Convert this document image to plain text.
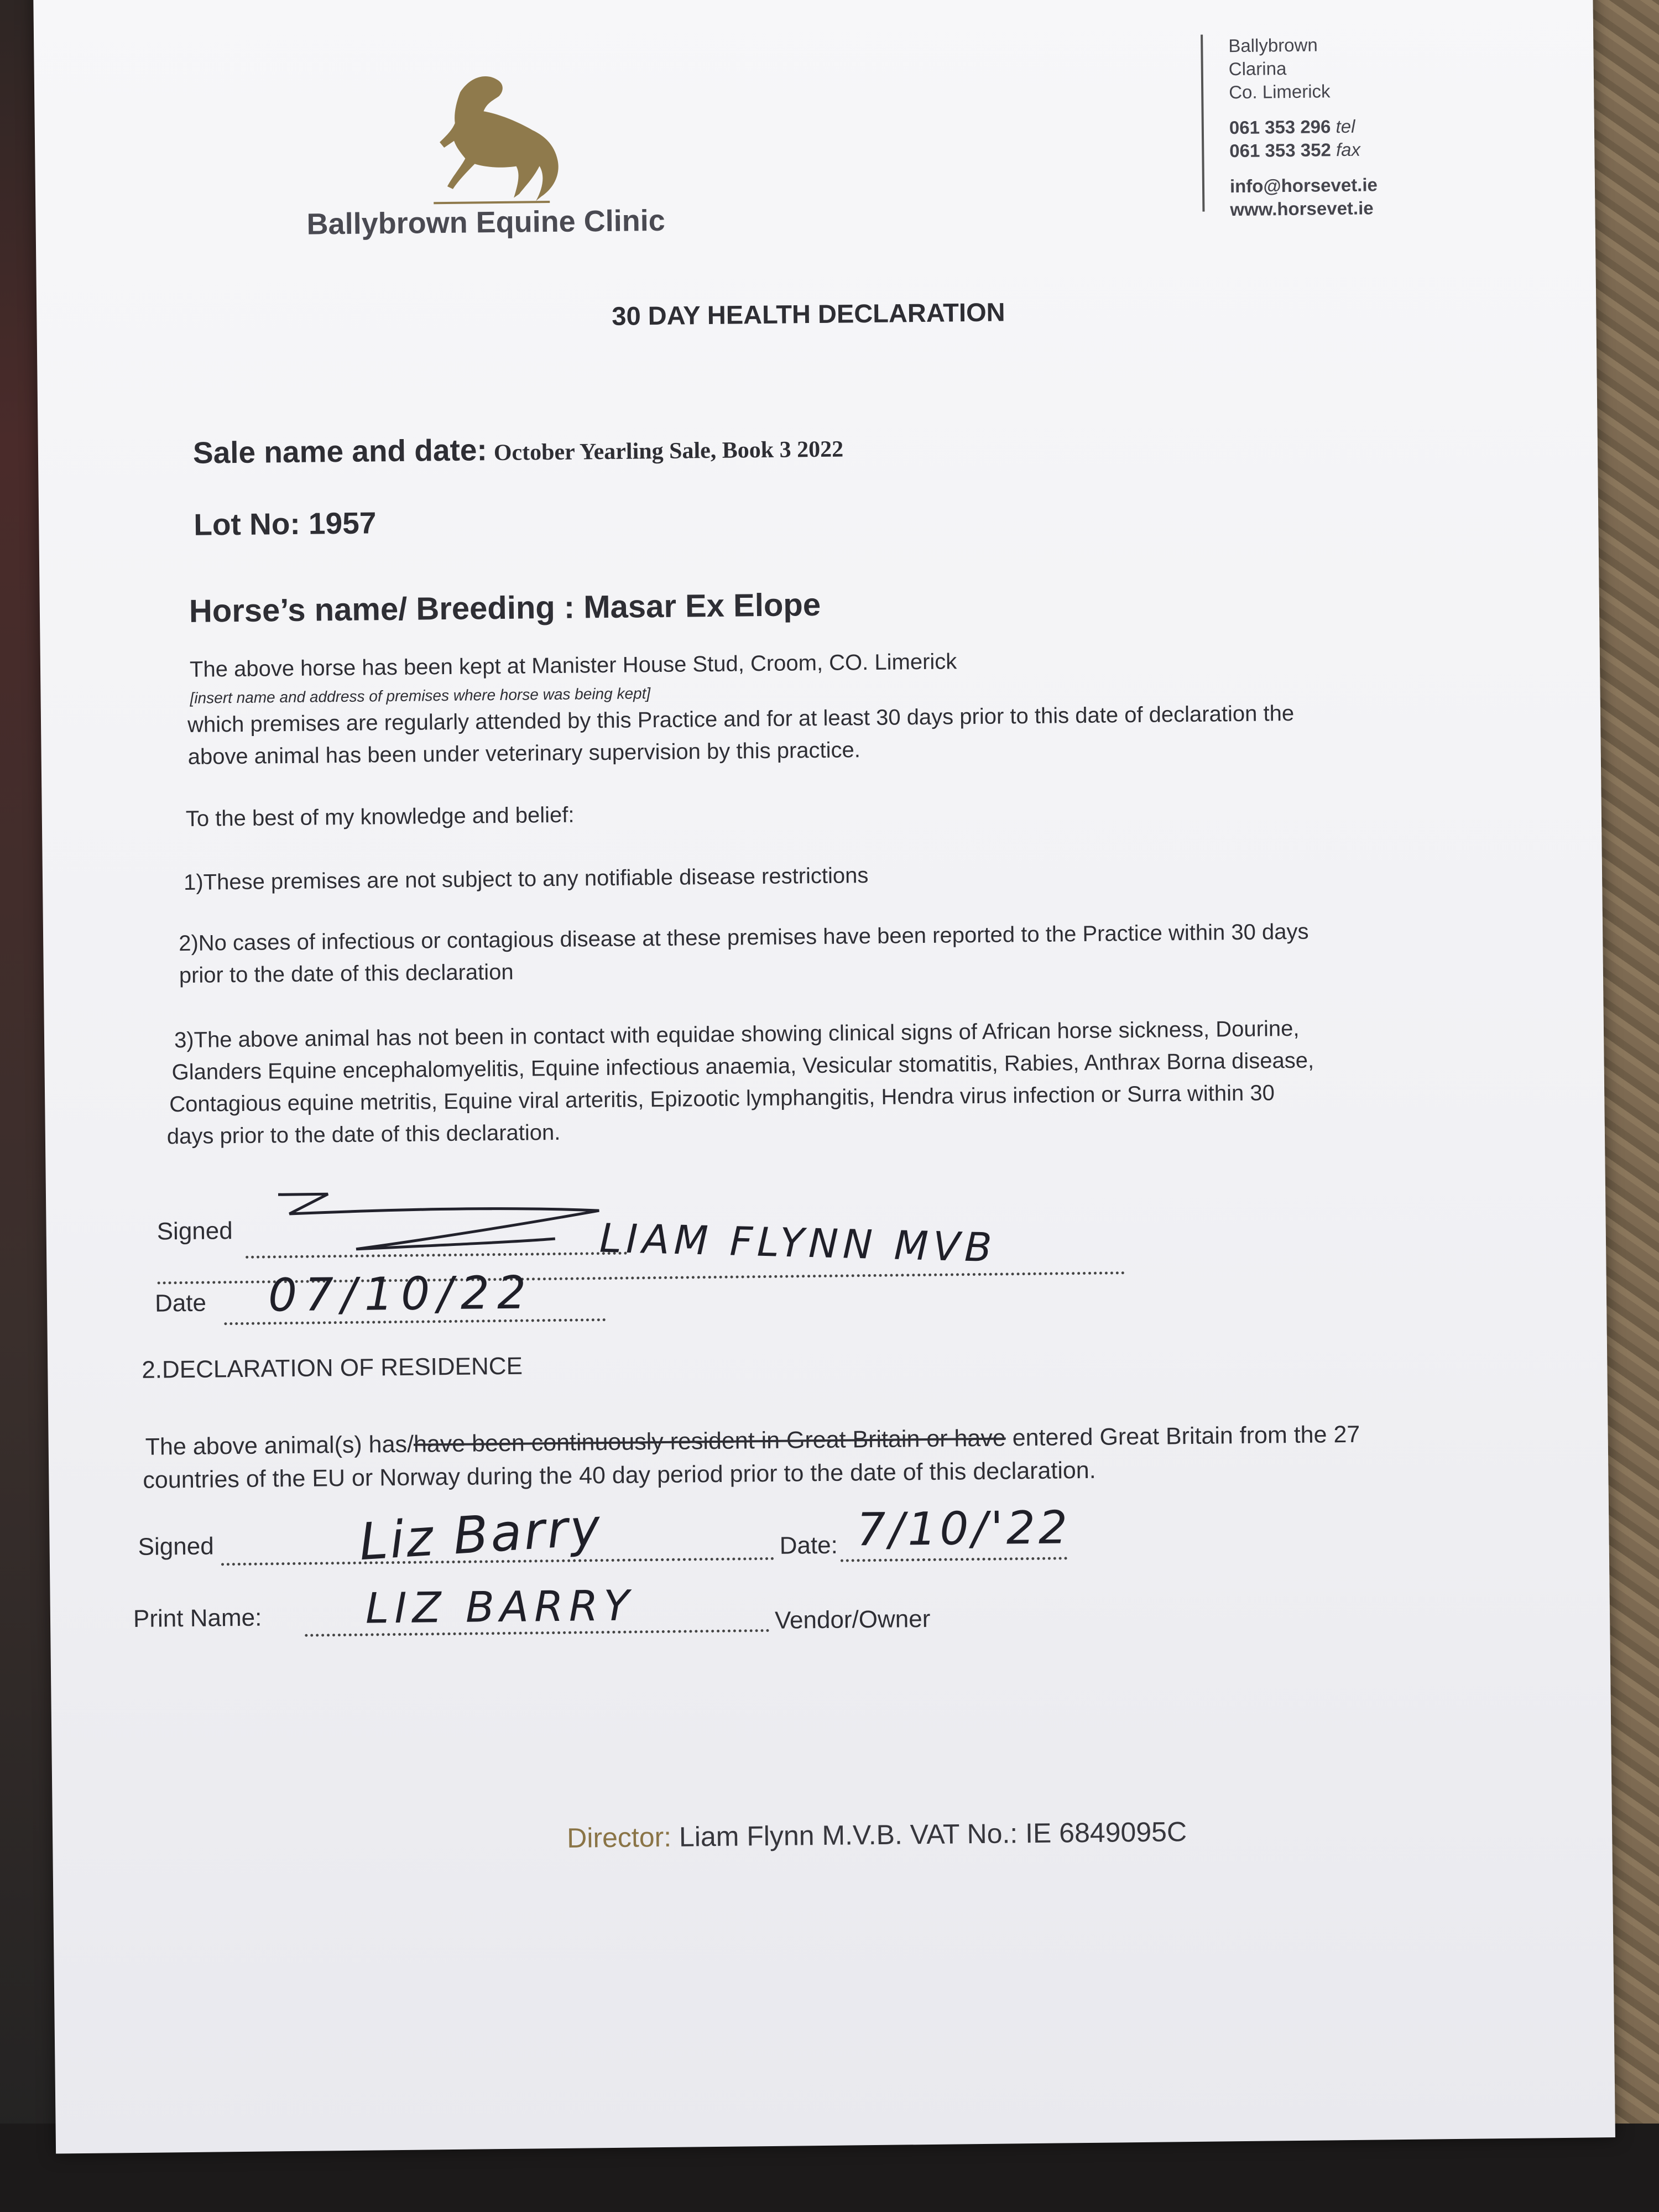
Ballybrown Equine Clinic
Ballybrown
Clarina
Co. Limerick
061 353 296 tel
061 353 352 fax
info@horsevet.ie
www.horsevet.ie
30 DAY HEALTH DECLARATION
Sale name and date: October Yearling Sale, Book 3 2022
Lot No: 1957
Horse’s name/ Breeding : Masar Ex Elope
The above horse has been kept at Manister House Stud, Croom, CO. Limerick
[insert name and address of premises where horse was being kept]
which premises are regularly attended by this Practice and for at least 30 days prior to this date of declaration the
above animal has been under veterinary supervision by this practice.
To the best of my knowledge and belief:
1)These premises are not subject to any notifiable disease restrictions
2)No cases of infectious or contagious disease at these premises have been reported to the Practice within 30 days
prior to the date of this declaration
3)The above animal has not been in contact with equidae showing clinical signs of African horse sickness, Dourine,
Glanders Equine encephalomyelitis, Equine infectious anaemia, Vesicular stomatitis, Rabies, Anthrax Borna disease,
Contagious equine metritis, Equine viral arteritis, Epizootic lymphangitis, Hendra virus infection or Surra within 30
days prior to the date of this declaration.
Signed	LIAM FLYNN MVB
Date 07/10/22
2.DECLARATION OF RESIDENCE
The above animal(s) has/have been continuously resident in Great Britain or have entered Great Britain from the 27
countries of the EU or Norway during the 40 day period prior to the date of this declaration.
Signed	Liz Barry	Date: 7/10/'22
Print Name: LIZ BARRY	Vendor/Owner
Director: Liam Flynn M.V.B. VAT No.: IE 6849095C
